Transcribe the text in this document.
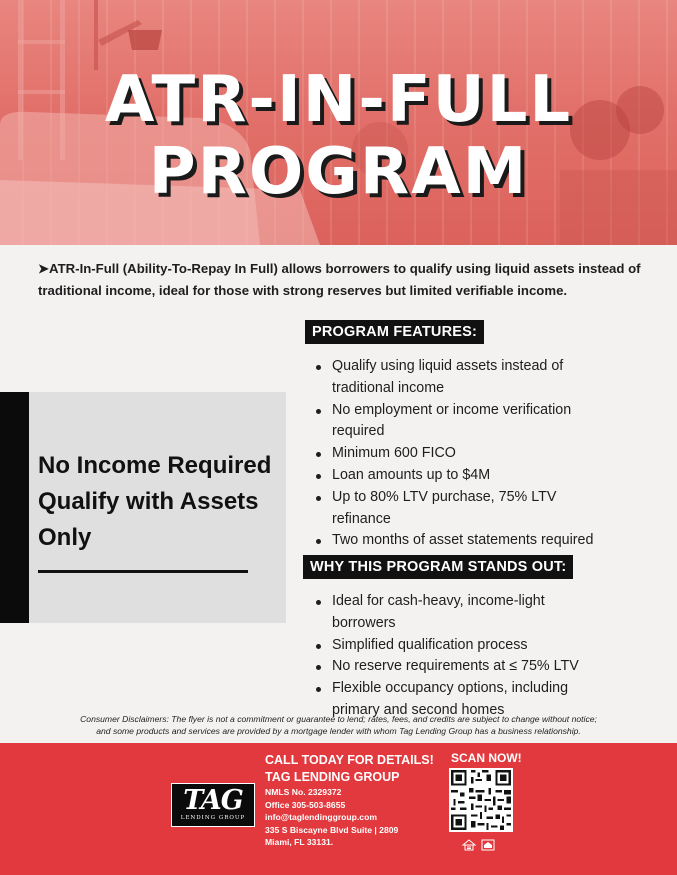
ATR-IN-FULL
PROGRAM
➤ATR-In-Full (Ability-To-Repay In Full) allows borrowers to qualify using liquid assets instead of traditional income, ideal for those with strong reserves but limited verifiable income.
No Income Required Qualify with Assets Only
PROGRAM FEATURES:
Qualify using liquid assets instead of traditional income
No employment or income verification required
Minimum 600 FICO
Loan amounts up to $4M
Up to 80% LTV purchase, 75% LTV refinance
Two months of asset statements required
WHY THIS PROGRAM STANDS OUT:
Ideal for cash-heavy, income-light borrowers
Simplified qualification process
No reserve requirements at ≤ 75% LTV
Flexible occupancy options, including primary and second homes
Consumer Disclaimers: The flyer is not a commitment or guarantee to lend; rates, fees, and credits are subject to change without notice;
and some products and services are provided by a mortgage lender with whom Tag Lending Group has a business relationship.
TAG
LENDING GROUP
CALL TODAY FOR DETAILS!
TAG LENDING GROUP
NMLS No. 2329372
Office 305-503-8655
info@taglendinggroup.com
335 S Biscayne Blvd Suite | 2809
Miami, FL 33131.
SCAN NOW!
